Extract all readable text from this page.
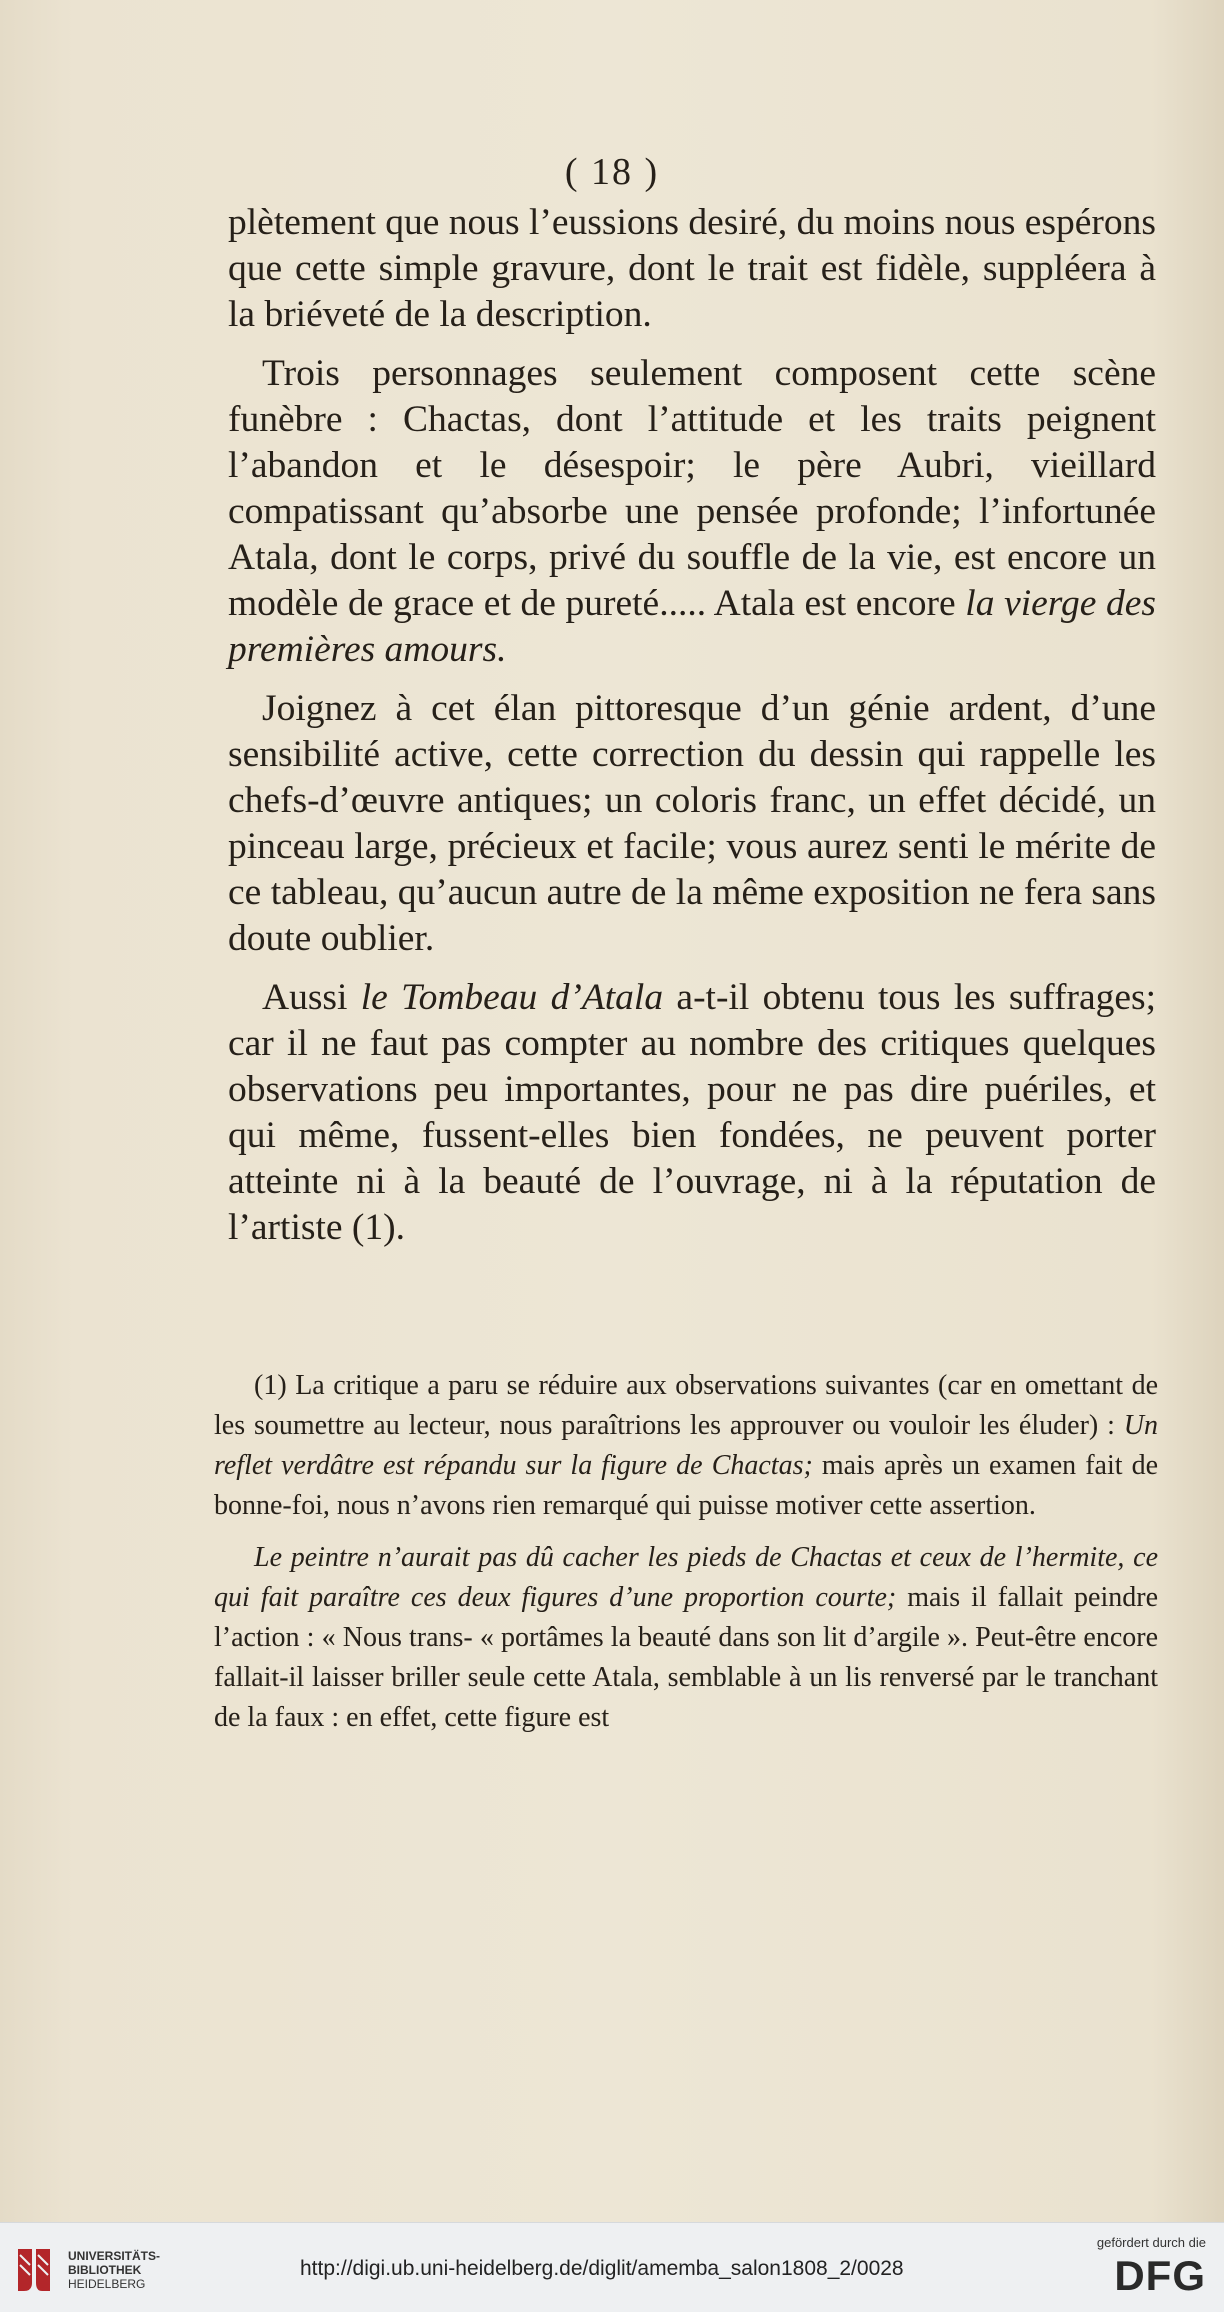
( 18 )

plètement que nous l’eussions desiré, du moins nous espérons que cette simple gravure, dont le trait est fidèle, suppléera à la briéveté de la description.

Trois personnages seulement composent cette scène funèbre : Chactas, dont l’attitude et les traits peignent l’abandon et le désespoir; le père Aubri, vieillard compatissant qu’absorbe une pensée profonde; l’infortunée Atala, dont le corps, privé du souffle de la vie, est encore un modèle de grace et de pureté..... Atala est encore la vierge des premières amours.

Joignez à cet élan pittoresque d’un génie ardent, d’une sensibilité active, cette correction du dessin qui rappelle les chefs-d’œuvre antiques; un coloris franc, un effet décidé, un pinceau large, précieux et facile; vous aurez senti le mérite de ce tableau, qu’aucun autre de la même exposition ne fera sans doute oublier.

Aussi le Tombeau d’Atala a-t-il obtenu tous les suffrages; car il ne faut pas compter au nombre des critiques quelques observations peu importantes, pour ne pas dire puériles, et qui même, fussent-elles bien fondées, ne peuvent porter atteinte ni à la beauté de l’ouvrage, ni à la réputation de l’artiste (1).

(1) La critique a paru se réduire aux observations suivantes (car en omettant de les soumettre au lecteur, nous paraîtrions les approuver ou vouloir les éluder) : Un reflet verdâtre est répandu sur la figure de Chactas; mais après un examen fait de bonne-foi, nous n’avons rien remarqué qui puisse motiver cette assertion.

Le peintre n’aurait pas dû cacher les pieds de Chactas et ceux de l’hermite, ce qui fait paraître ces deux figures d’une proportion courte; mais il fallait peindre l’action : « Nous trans- « portâmes la beauté dans son lit d’argile ». Peut-être encore fallait-il laisser briller seule cette Atala, semblable à un lis renversé par le tranchant de la faux : en effet, cette figure est

UNIVERSITÄTS-
BIBLIOTHEK
HEIDELBERG
http://digi.ub.uni-heidelberg.de/diglit/amemba_salon1808_2/0028
gefördert durch die
DFG
